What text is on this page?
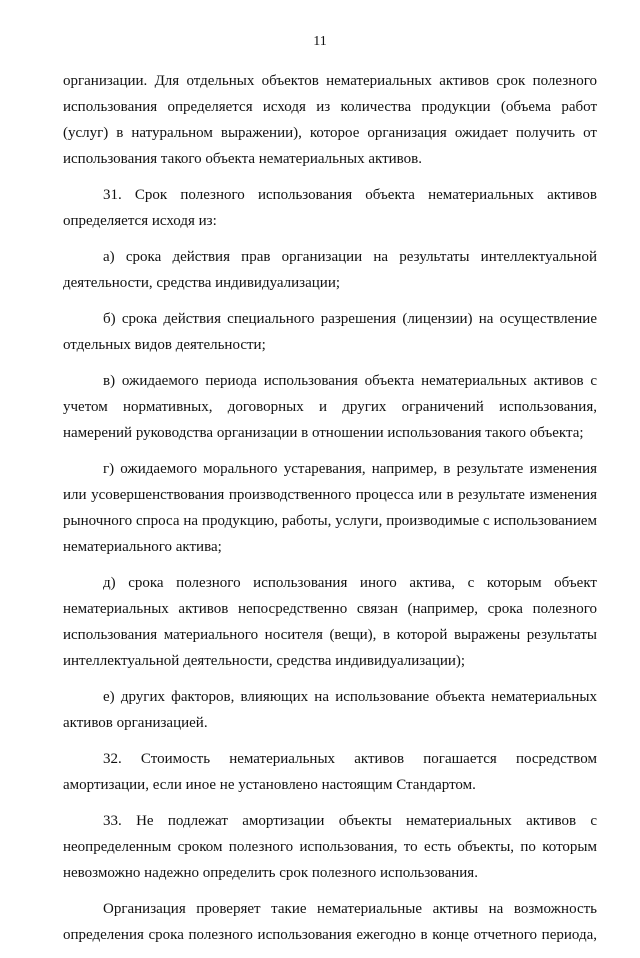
11

организации. Для отдельных объектов нематериальных активов срок полезного использования определяется исходя из количества продукции (объема работ (услуг) в натуральном выражении), которое организация ожидает получить от использования такого объекта нематериальных активов.

31. Срок полезного использования объекта нематериальных активов определяется исходя из:

а) срока действия прав организации на результаты интеллектуальной деятельности, средства индивидуализации;

б) срока действия специального разрешения (лицензии) на осуществление отдельных видов деятельности;

в) ожидаемого периода использования объекта нематериальных активов с учетом нормативных, договорных и других ограничений использования, намерений руководства организации в отношении использования такого объекта;

г) ожидаемого морального устаревания, например, в результате изменения или усовершенствования производственного процесса или в результате изменения рыночного спроса на продукцию, работы, услуги, производимые с использованием нематериального актива;

д) срока полезного использования иного актива, с которым объект нематериальных активов непосредственно связан (например, срока полезного использования материального носителя (вещи), в которой выражены результаты интеллектуальной деятельности, средства индивидуализации);

е) других факторов, влияющих на использование объекта нематериальных активов организацией.

32. Стоимость нематериальных активов погашается посредством амортизации, если иное не установлено настоящим Стандартом.

33. Не подлежат амортизации объекты нематериальных активов с неопределенным сроком полезного использования, то есть объекты, по которым невозможно надежно определить срок полезного использования.

Организация проверяет такие нематериальные активы на возможность определения срока полезного использования ежегодно в конце отчетного периода,
